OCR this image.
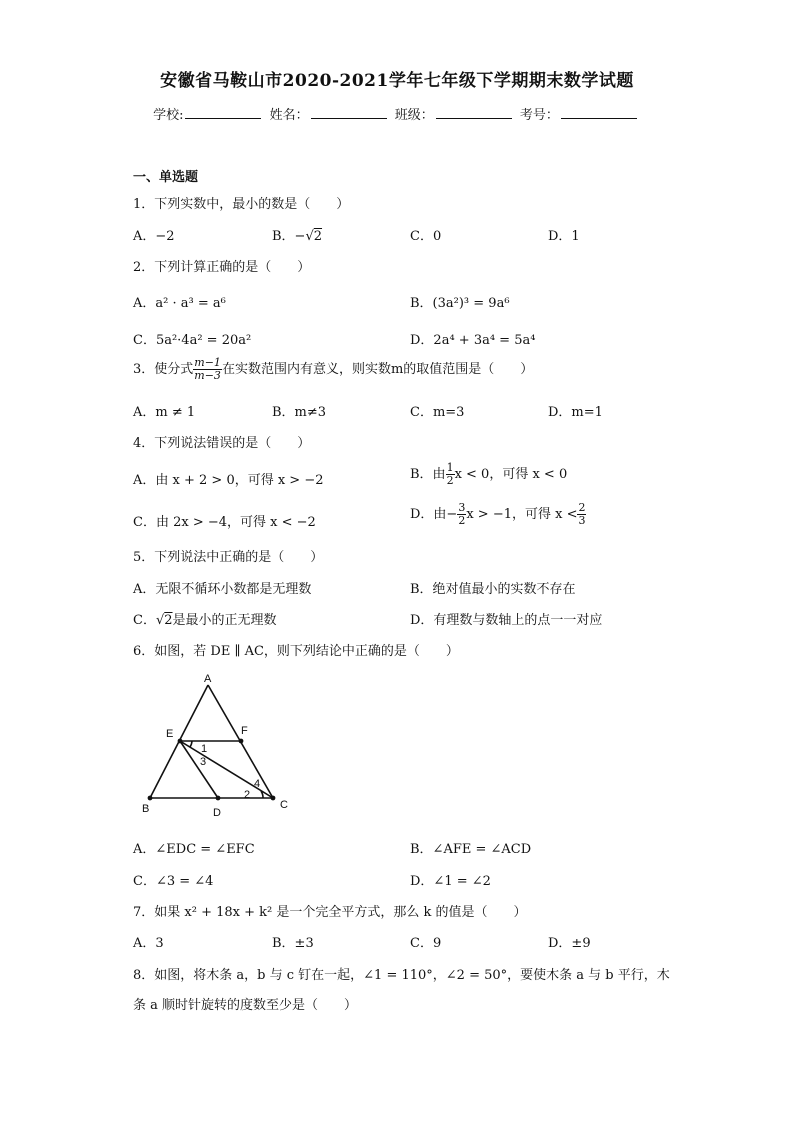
安徽省马鞍山市2020-2021学年七年级下学期期末数学试题
学校:	姓名：	班级：	考号：
一、单选题
1．下列实数中，最小的数是（　　）
A．−2	B．−√2	C．0	D．1
2．下列计算正确的是（　　）
A．a² · a³ = a⁶	B．(3a²)³ = 9a⁶
C．5a²·4a² = 20a²	D．2a⁴ + 3a⁴ = 5a⁴
3．使分式 $\frac{m-1}{m-3}$ 在实数范围内有意义，则实数m的取值范围是（　　）
A．m ≠ 1	B．m≠3	C．m=3	D．m=1
4．下列说法错误的是（　　）
A．由 x + 2 > 0，可得 x > −2	B．由 $\frac{1}{2}$ x < 0，可得 x < 0
C．由 2x > −4，可得 x < −2
D．由− $\frac{3}{2}$ x > −1，可得 $x < \frac{2}{3}$
5．下列说法中正确的是（　　）
A．无限不循环小数都是无理数	B．绝对值最小的实数不存在
C．√2是最小的正无理数	D．有理数与数轴上的点一一对应
6．如图，若 DE ∥ AC，则下列结论中正确的是（　　）
A
B	C
D
E	F
1
2
3
4
A．∠EDC = ∠EFC	B．∠AFE = ∠ACD
C．∠3 = ∠4	D．∠1 = ∠2
7．如果 x² + 18x + k² 是一个完全平方式，那么 k 的值是（　　）
A．3	B．±3	C．9	D．±9
8．如图，将木条 a，b 与 c 钉在一起，∠1 = 110°，∠2 = 50°，要使木条 a 与 b 平行，木
条 a 顺时针旋转的度数至少是（　　）
